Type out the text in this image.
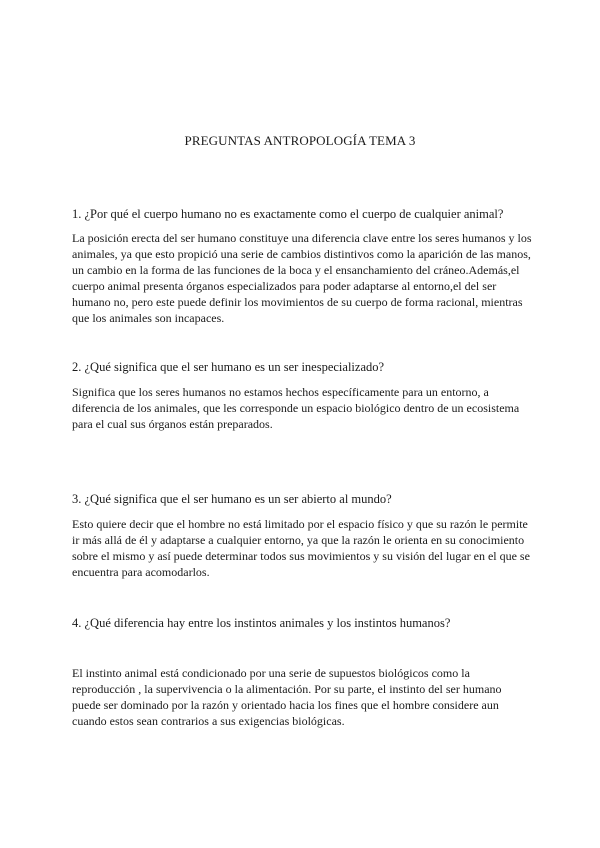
PREGUNTAS ANTROPOLOGÍA TEMA 3
1. ¿Por qué el cuerpo humano no es exactamente como el cuerpo de cualquier animal?
La posición erecta del ser humano constituye una diferencia clave entre los seres humanos y los animales, ya que esto propició una serie de cambios distintivos como la aparición de las manos, un cambio en la forma de las funciones de la boca y el ensanchamiento del cráneo.Además,el cuerpo animal presenta órganos especializados para poder adaptarse al entorno,el del ser humano no, pero este puede definir los movimientos de su cuerpo de forma racional, mientras que los animales son incapaces.
2. ¿Qué significa que el ser humano es un ser inespecializado?
Significa que los seres humanos no estamos hechos específicamente para un entorno, a diferencia de los animales, que les corresponde un espacio biológico dentro de un ecosistema para el cual sus órganos están preparados.
3. ¿Qué significa que el ser humano es un ser abierto al mundo?
Esto quiere decir que el hombre no está limitado por el espacio físico y que su razón le permite ir más allá de él y adaptarse a cualquier entorno, ya que la razón le orienta en su conocimiento sobre el mismo y así puede determinar todos sus movimientos y su visión del lugar en el que se encuentra para acomodarlos.
4. ¿Qué diferencia hay entre los instintos animales y los instintos humanos?
El instinto animal está condicionado por una serie de supuestos biológicos como la reproducción , la supervivencia o la alimentación. Por su parte, el instinto del ser humano puede ser dominado por la razón y orientado hacia los fines que el hombre considere aun cuando estos sean contrarios a sus exigencias biológicas.
